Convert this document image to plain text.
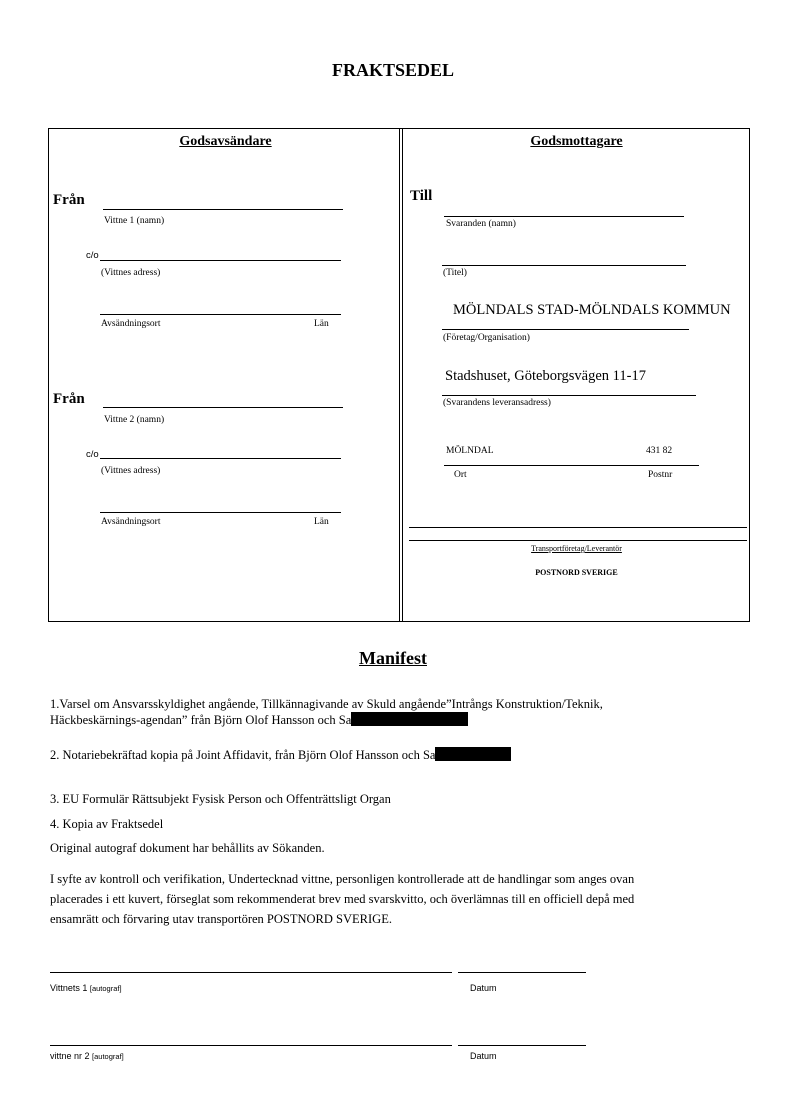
FRAKTSEDEL
Godsavsändare
Från
Vittne 1 (namn)
c/o
(Vittnes adress)
Avsändningsort	Län
Från
Vittne 2 (namn)
c/o
(Vittnes adress)
Avsändningsort	Län
Godsmottagare
Till
Svaranden (namn)
(Titel)
MÖLNDALS STAD-MÖLNDALS KOMMUN
(Företag/Organisation)
Stadshuset, Göteborgsvägen 11-17
(Svarandens leveransadress)
MÖLNDAL	431 82
Ort	Postnr
Transportföretag/Leverantör
POSTNORD SVERIGE
Manifest
1.Varsel om Ansvarsskyldighet angående, Tillkännagivande av Skuld angående”Intrångs Konstruktion/Teknik,
Häckbeskärnings-agendan” från Björn Olof Hansson och Sa
2. Notariebekräftad kopia på Joint Affidavit, från Björn Olof Hansson och Sa
3. EU Formulär Rättsubjekt Fysisk Person och Offenträttsligt Organ
4. Kopia av Fraktsedel
Original autograf dokument har behållits av Sökanden.
I syfte av kontroll och verifikation, Undertecknad vittne, personligen kontrollerade att de handlingar som anges ovan
placerades i ett kuvert, förseglat som rekommenderat brev med svarskvitto, och överlämnas till en officiell depå med
ensamrätt och förvaring utav transportören POSTNORD SVERIGE.
Vittnets 1 [autograf]	Datum
vittne nr 2 [autograf]	Datum
